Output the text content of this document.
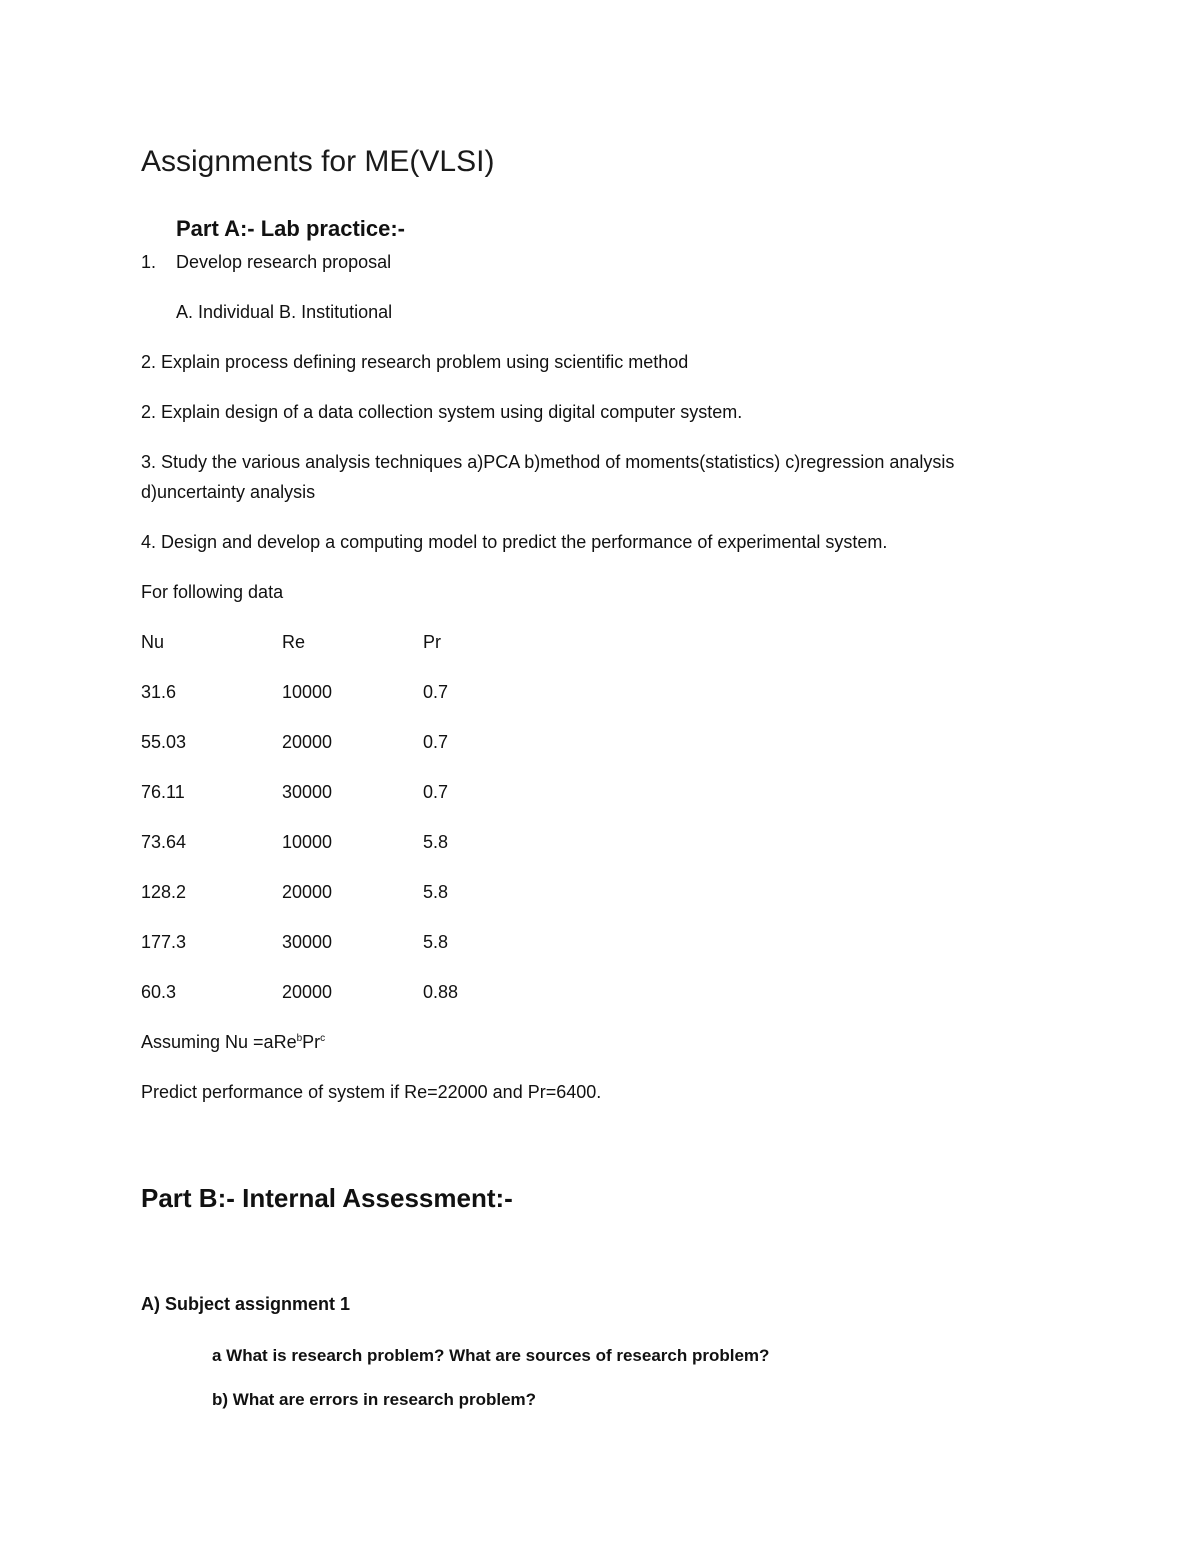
Assignments for ME(VLSI)
Part A:- Lab practice:-
1. Develop research proposal
A. Individual B. Institutional
2. Explain process defining research problem using scientific method
2. Explain design of a data collection system using digital computer system.
3. Study the various analysis techniques a)PCA b)method of moments(statistics) c)regression analysis
d)uncertainty analysis
4. Design and develop a computing model to predict the performance of experimental system.
For following data
Nu	Re	Pr
31.6	10000	0.7
55.03	20000	0.7
76.11	30000	0.7
73.64	10000	5.8
128.2	20000	5.8
177.3	30000	5.8
60.3	20000	0.88
Assuming $Nu =aRe^bPr^c$
Predict performance of system if Re=22000 and Pr=6400.
Part B:- Internal Assessment:-
A) Subject assignment 1
a What is research problem? What are sources of research problem?
b) What are errors in research problem?
